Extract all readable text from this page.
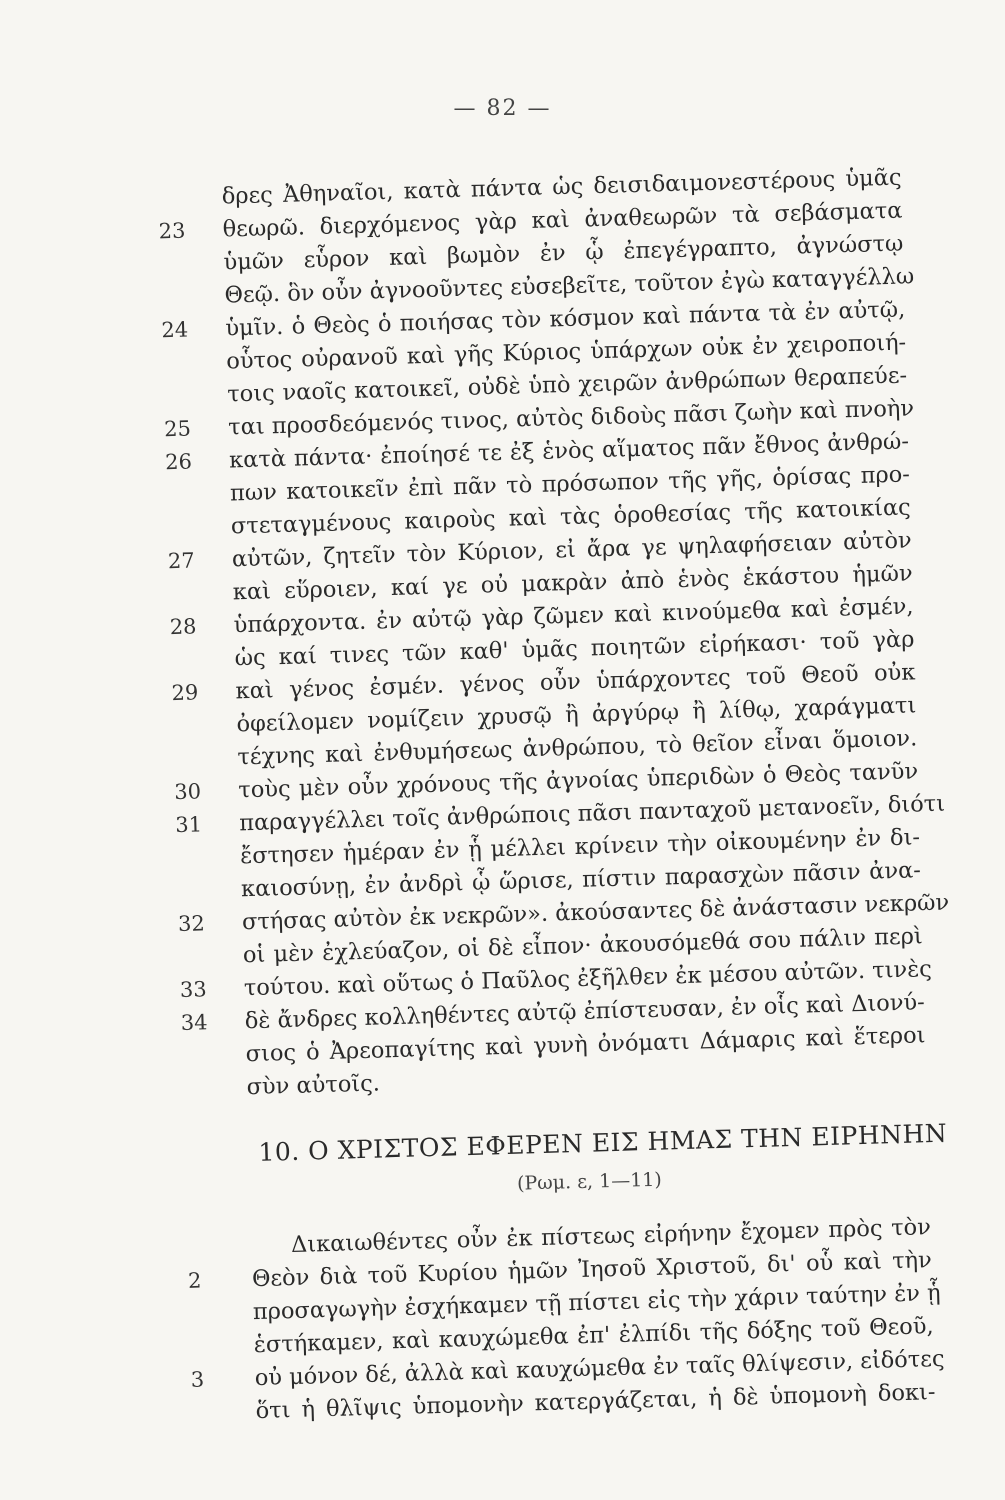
— 82 —
δρες Ἀθηναῖοι, κατὰ πάντα ὡς δεισιδαιμονεστέρους ὑμᾶς
θεωρῶ. διερχόμενος γὰρ καὶ ἀναθεωρῶν τὰ σεβάσματα
ὑμῶν εὗρον καὶ βωμὸν ἐν ᾧ ἐπεγέγραπτο, ἀγνώστῳ
Θεῷ. ὃν οὖν ἀγνοοῦντες εὐσεβεῖτε, τοῦτον ἐγὼ καταγγέλλω
ὑμῖν. ὁ Θεὸς ὁ ποιήσας τὸν κόσμον καὶ πάντα τὰ ἐν αὐτῷ,
οὗτος οὐρανοῦ καὶ γῆς Κύριος ὑπάρχων οὐκ ἐν χειροποιή-
τοις ναοῖς κατοικεῖ, οὐδὲ ὑπὸ χειρῶν ἀνθρώπων θεραπεύε-
ται προσδεόμενός τινος, αὐτὸς διδοὺς πᾶσι ζωὴν καὶ πνοὴν
κατὰ πάντα· ἐποίησέ τε ἐξ ἑνὸς αἵματος πᾶν ἔθνος ἀνθρώ-
πων κατοικεῖν ἐπὶ πᾶν τὸ πρόσωπον τῆς γῆς, ὁρίσας προ-
στεταγμένους καιροὺς καὶ τὰς ὁροθεσίας τῆς κατοικίας
αὐτῶν, ζητεῖν τὸν Κύριον, εἰ ἄρα γε ψηλαφήσειαν αὐτὸν
καὶ εὕροιεν, καί γε οὐ μακρὰν ἀπὸ ἑνὸς ἑκάστου ἡμῶν
ὑπάρχοντα. ἐν αὐτῷ γὰρ ζῶμεν καὶ κινούμεθα καὶ ἐσμέν,
ὡς καί τινες τῶν καθ' ὑμᾶς ποιητῶν εἰρήκασι· τοῦ γὰρ
καὶ γένος ἐσμέν. γένος οὖν ὑπάρχοντες τοῦ Θεοῦ οὐκ
ὀφείλομεν νομίζειν χρυσῷ ἢ ἀργύρῳ ἢ λίθῳ, χαράγματι
τέχνης καὶ ἐνθυμήσεως ἀνθρώπου, τὸ θεῖον εἶναι ὅμοιον.
τοὺς μὲν οὖν χρόνους τῆς ἀγνοίας ὑπεριδὼν ὁ Θεὸς τανῦν
παραγγέλλει τοῖς ἀνθρώποις πᾶσι πανταχοῦ μετανοεῖν, διότι
ἔστησεν ἡμέραν ἐν ᾗ μέλλει κρίνειν τὴν οἰκουμένην ἐν δι-
καιοσύνῃ, ἐν ἀνδρὶ ᾧ ὥρισε, πίστιν παρασχὼν πᾶσιν ἀνα-
στήσας αὐτὸν ἐκ νεκρῶν». ἀκούσαντες δὲ ἀνάστασιν νεκρῶν
οἱ μὲν ἐχλεύαζον, οἱ δὲ εἶπον· ἀκουσόμεθά σου πάλιν περὶ
τούτου. καὶ οὕτως ὁ Παῦλος ἐξῆλθεν ἐκ μέσου αὐτῶν. τινὲς
δὲ ἄνδρες κολληθέντες αὐτῷ ἐπίστευσαν, ἐν οἷς καὶ Διονύ-
σιος ὁ Ἀρεοπαγίτης καὶ γυνὴ ὀνόματι Δάμαρις καὶ ἕτεροι
σὺν αὐτοῖς.
23
24
25
26
27
28
29
30
31
32
33
34
10. Ο ΧΡΙΣΤΟΣ ΕΦΕΡΕΝ ΕΙΣ ΗΜΑΣ ΤΗΝ ΕΙΡΗΝΗΝ
(Ρωμ. ε, 1—11)
Δικαιωθέντες οὖν ἐκ πίστεως εἰρήνην ἔχομεν πρὸς τὸν
Θεὸν διὰ τοῦ Κυρίου ἡμῶν Ἰησοῦ Χριστοῦ, δι' οὗ καὶ τὴν
προσαγωγὴν ἐσχήκαμεν τῇ πίστει εἰς τὴν χάριν ταύτην ἐν ᾗ
ἑστήκαμεν, καὶ καυχώμεθα ἐπ' ἐλπίδι τῆς δόξης τοῦ Θεοῦ,
οὐ μόνον δέ, ἀλλὰ καὶ καυχώμεθα ἐν ταῖς θλίψεσιν, εἰδότες
ὅτι ἡ θλῖψις ὑπομονὴν κατεργάζεται, ἡ δὲ ὑπομονὴ δοκι-
2
3
